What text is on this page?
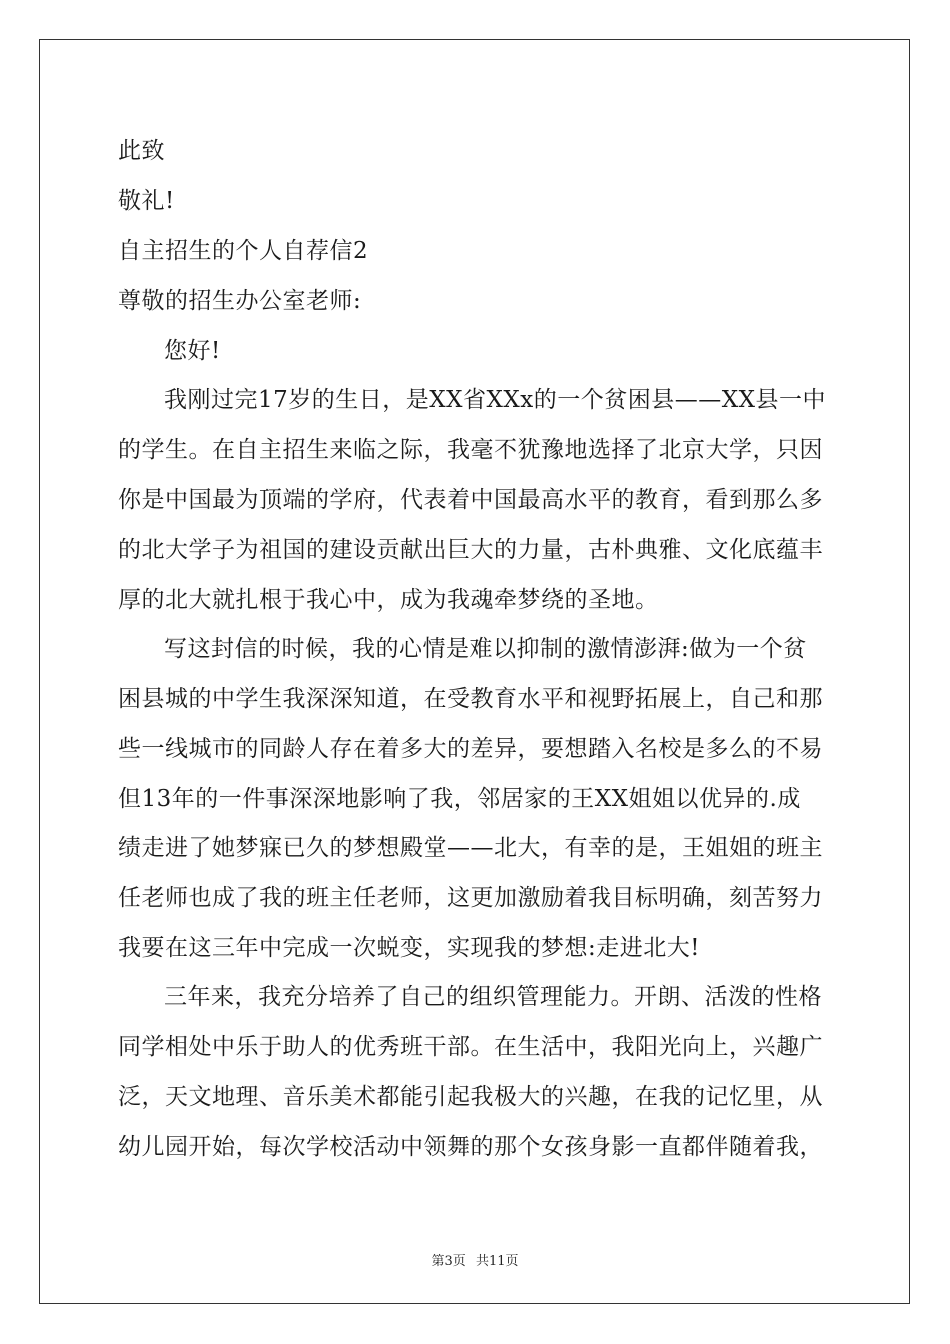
此致
敬礼!
自主招生的个人自荐信2
尊敬的招生办公室老师:
您好!
我刚过完17岁的生日，是XX省XXx的一个贫困县——XX县一中
的学生。在自主招生来临之际，我毫不犹豫地选择了北京大学，只因
你是中国最为顶端的学府，代表着中国最高水平的教育，看到那么多
的北大学子为祖国的建设贡献出巨大的力量，古朴典雅、文化底蕴丰
厚的北大就扎根于我心中，成为我魂牵梦绕的圣地。
写这封信的时候，我的心情是难以抑制的激情澎湃:做为一个贫
困县城的中学生我深深知道，在受教育水平和视野拓展上，自己和那
些一线城市的同龄人存在着多大的差异，要想踏入名校是多么的不易
但13年的一件事深深地影响了我，邻居家的王XX姐姐以优异的.成
绩走进了她梦寐已久的梦想殿堂——北大，有幸的是，王姐姐的班主
任老师也成了我的班主任老师，这更加激励着我目标明确，刻苦努力
我要在这三年中完成一次蜕变，实现我的梦想:走进北大!
三年来，我充分培养了自己的组织管理能力。开朗、活泼的性格
同学相处中乐于助人的优秀班干部。在生活中，我阳光向上，兴趣广
泛，天文地理、音乐美术都能引起我极大的兴趣，在我的记忆里，从
幼儿园开始，每次学校活动中领舞的那个女孩身影一直都伴随着我，
第3页 共11页
